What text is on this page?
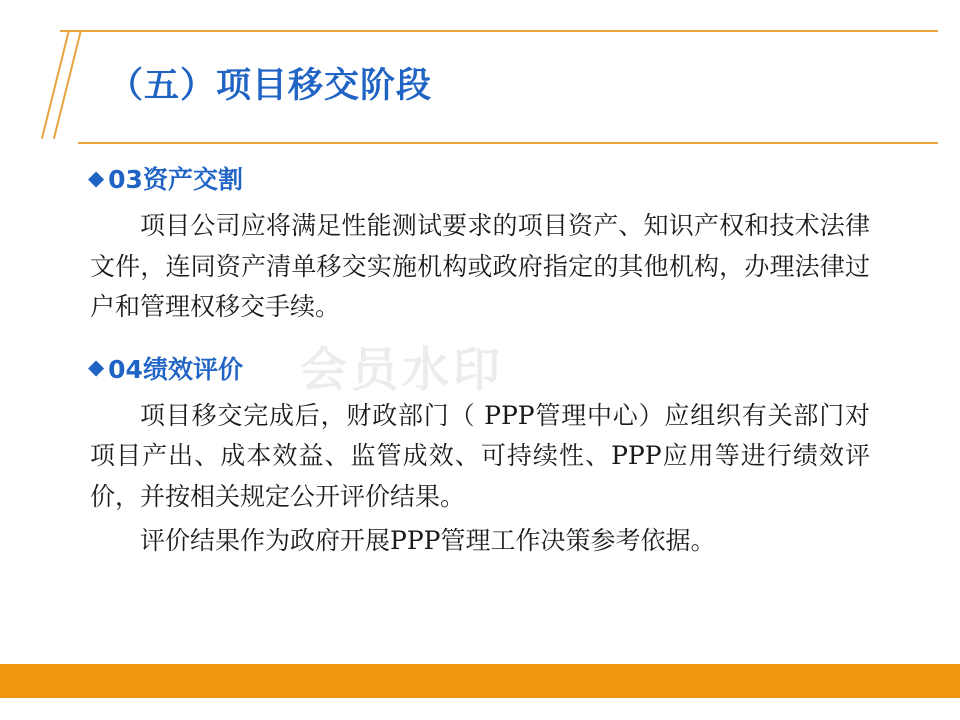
（五）项目移交阶段
◆ 03资产交割

项目公司应将满足性能测试要求的项目资产、知识产权和技术法律文件，连同资产清单移交实施机构或政府指定的其他机构，办理法律过户和管理权移交手续。

◆ 04绩效评价

项目移交完成后，财政部门（ PPP管理中心）应组织有关部门对项目产出、成本效益、监管成效、可持续性、PPP应用等进行绩效评价，并按相关规定公开评价结果。

评价结果作为政府开展PPP管理工作决策参考依据。

会员水印
